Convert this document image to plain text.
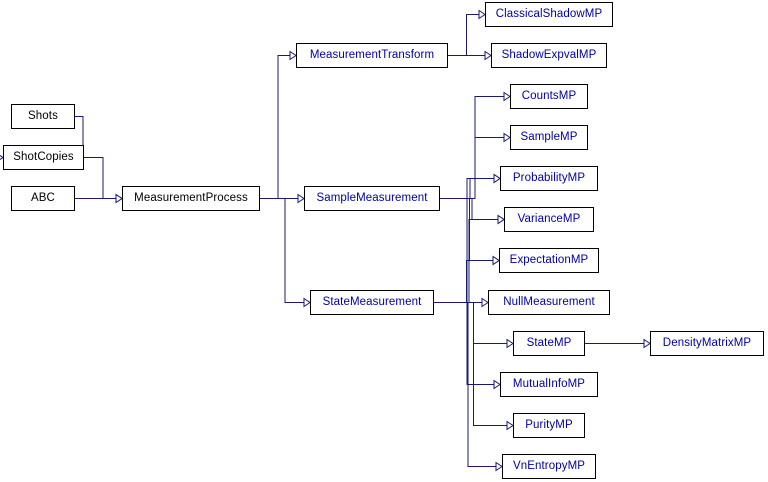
Shots
ShotCopies
ABC	MeasurementProcess
MeasurementTransform
SampleMeasurement
StateMeasurement
ClassicalShadowMP
ShadowExpvalMP
CountsMP
SampleMP
ProbabilityMP
VarianceMP
ExpectationMP
NullMeasurement
StateMP
MutualInfoMP
PurityMP
VnEntropyMP
DensityMatrixMP
